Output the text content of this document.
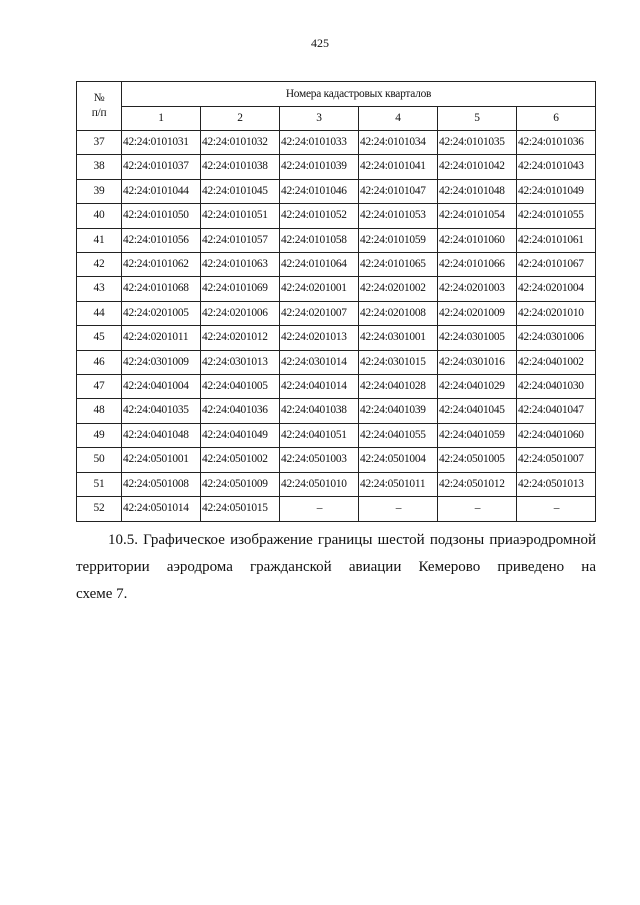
425
№
п/п	Номера кадастровых кварталов					
	1	2	3	4	5	6
37	42:24:0101031	42:24:0101032	42:24:0101033	42:24:0101034	42:24:0101035	42:24:0101036
38	42:24:0101037	42:24:0101038	42:24:0101039	42:24:0101041	42:24:0101042	42:24:0101043
39	42:24:0101044	42:24:0101045	42:24:0101046	42:24:0101047	42:24:0101048	42:24:0101049
40	42:24:0101050	42:24:0101051	42:24:0101052	42:24:0101053	42:24:0101054	42:24:0101055
41	42:24:0101056	42:24:0101057	42:24:0101058	42:24:0101059	42:24:0101060	42:24:0101061
42	42:24:0101062	42:24:0101063	42:24:0101064	42:24:0101065	42:24:0101066	42:24:0101067
43	42:24:0101068	42:24:0101069	42:24:0201001	42:24:0201002	42:24:0201003	42:24:0201004
44	42:24:0201005	42:24:0201006	42:24:0201007	42:24:0201008	42:24:0201009	42:24:0201010
45	42:24:0201011	42:24:0201012	42:24:0201013	42:24:0301001	42:24:0301005	42:24:0301006
46	42:24:0301009	42:24:0301013	42:24:0301014	42:24:0301015	42:24:0301016	42:24:0401002
47	42:24:0401004	42:24:0401005	42:24:0401014	42:24:0401028	42:24:0401029	42:24:0401030
48	42:24:0401035	42:24:0401036	42:24:0401038	42:24:0401039	42:24:0401045	42:24:0401047
49	42:24:0401048	42:24:0401049	42:24:0401051	42:24:0401055	42:24:0401059	42:24:0401060
50	42:24:0501001	42:24:0501002	42:24:0501003	42:24:0501004	42:24:0501005	42:24:0501007
51	42:24:0501008	42:24:0501009	42:24:0501010	42:24:0501011	42:24:0501012	42:24:0501013
52	42:24:0501014	42:24:0501015	–	–	–	–
10.5. Графическое изображение границы шестой подзоны приаэродромной
территории аэродрома гражданской авиации Кемерово приведено на
схеме 7.
